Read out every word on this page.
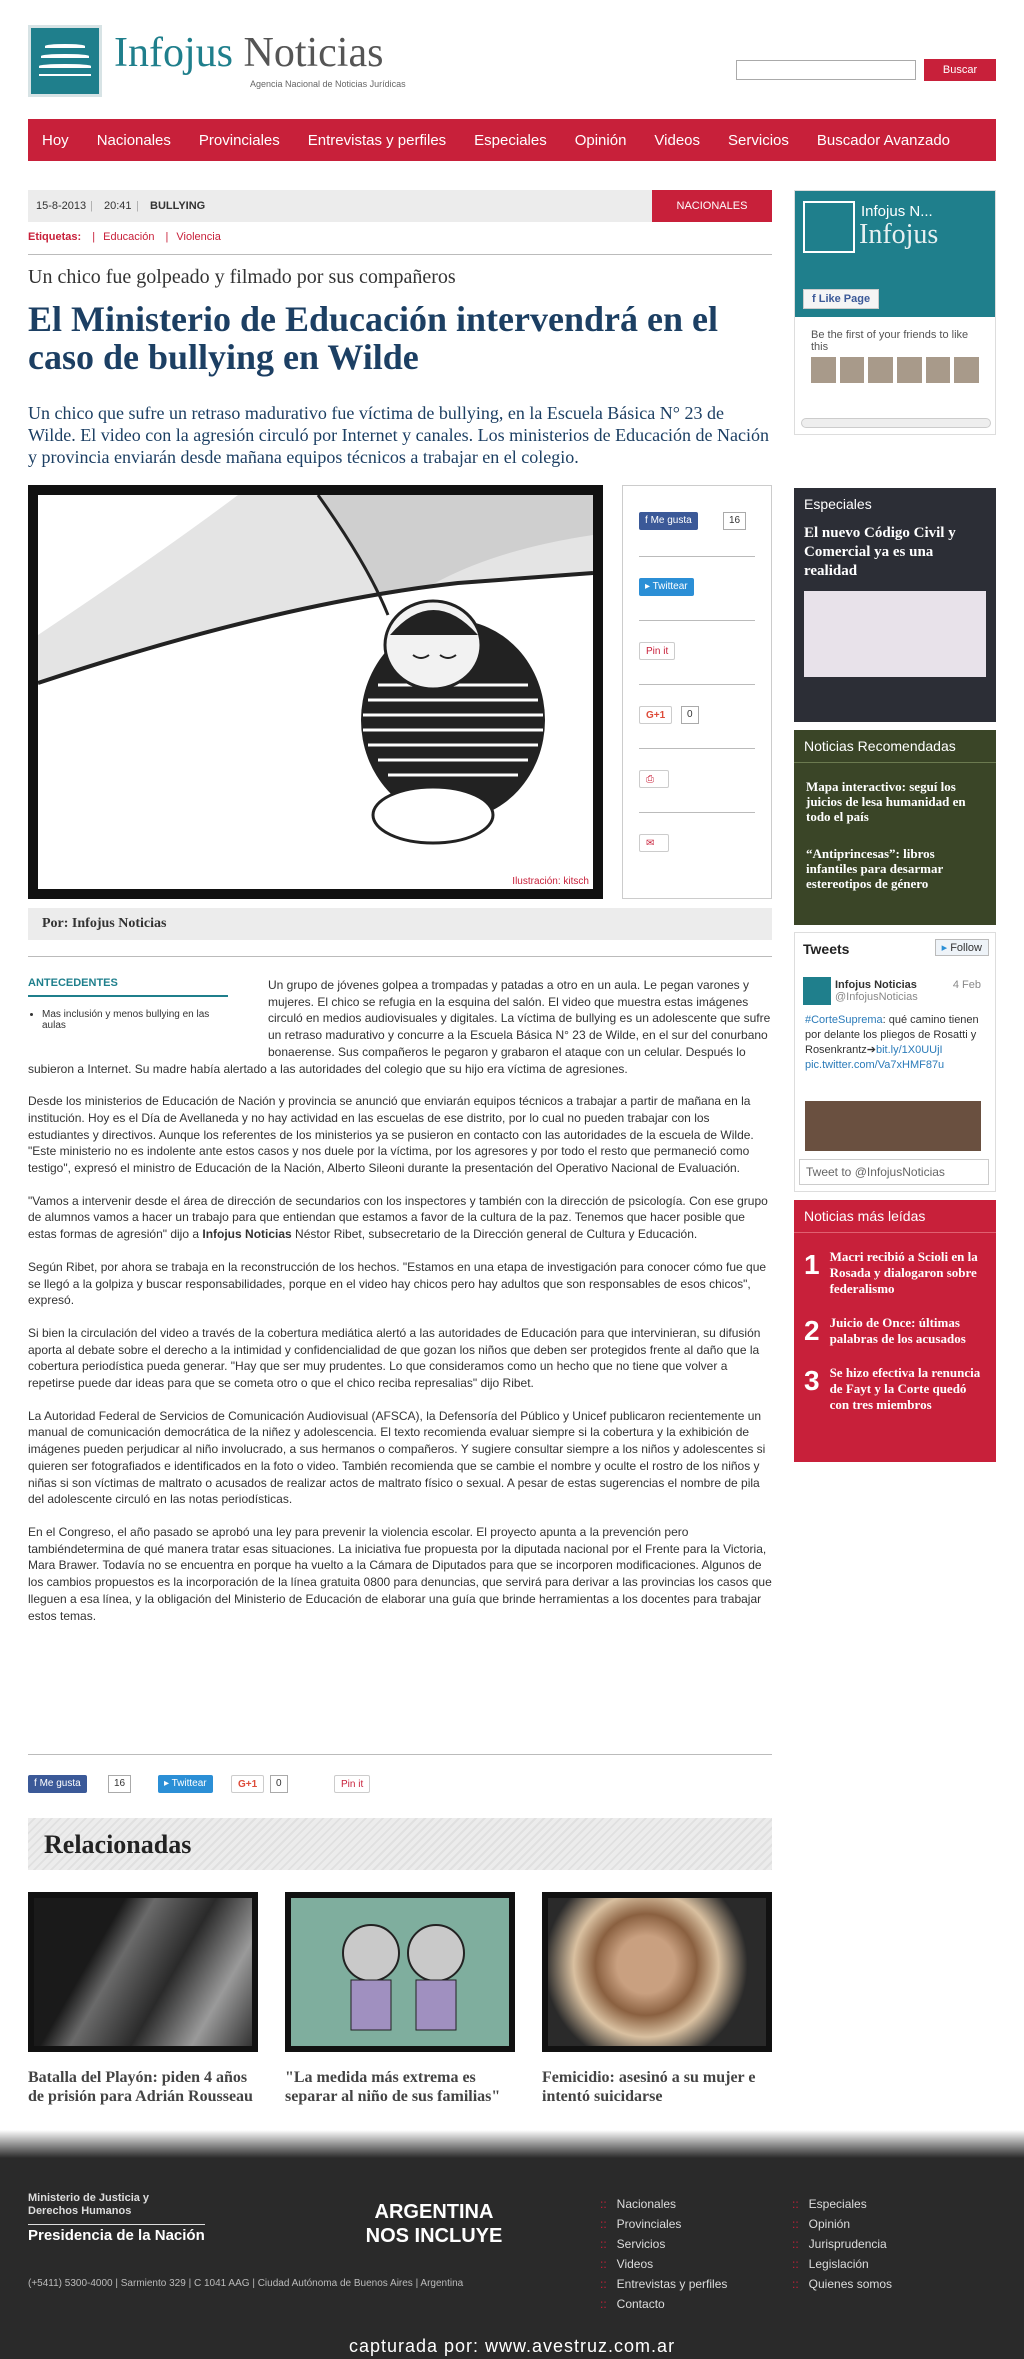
Infojus Noticias
Agencia Nacional de Noticias Jurídicas
Buscar
Hoy	Nacionales	Provinciales	Entrevistas y perfiles	Especiales	Opinión	Videos	Servicios	Buscador Avanzado
15-8-2013 | 20:41 | BULLYING	NACIONALES
Etiquetas: | Educación | Violencia
Un chico fue golpeado y filmado por sus compañeros
El Ministerio de Educación intervendrá en el caso de bullying en Wilde
Un chico que sufre un retraso madurativo fue víctima de bullying, en la Escuela Básica N° 23 de Wilde. El video con la agresión circuló por Internet y canales. Los ministerios de Educación de Nación y provincia enviarán desde mañana equipos técnicos a trabajar en el colegio.
Ilustración: kitsch
f Me gusta	16
▸ Twittear
Pin it
G+1	0
⎙
✉
Por: Infojus Noticias

Un grupo de jóvenes golpea a trompadas y patadas a otro en un aula. Le pegan varones y mujeres. El chico se refugia en la esquina del salón. El video que muestra estas imágenes circuló en medios audiovisuales y digitales. La víctima de bullying es un adolescente que sufre un retraso madurativo y concurre a la Escuela Básica N° 23 de Wilde, en el sur del conurbano bonaerense. Sus compañeros le pegaron y grabaron el ataque con un celular. Después lo subieron a Internet. Su madre había alertado a las autoridades del colegio que su hijo era víctima de agresiones.

Desde los ministerios de Educación de Nación y provincia se anunció que enviarán equipos técnicos a trabajar a partir de mañana en la institución. Hoy es el Día de Avellaneda y no hay actividad en las escuelas de ese distrito, por lo cual no pueden trabajar con los estudiantes y directivos. Aunque los referentes de los ministerios ya se pusieron en contacto con las autoridades de la escuela de Wilde. "Este ministerio no es indolente ante estos casos y nos duele por la víctima, por los agresores y por todo el resto que permaneció como testigo", expresó el ministro de Educación de la Nación, Alberto Sileoni durante la presentación del Operativo Nacional de Evaluación.

"Vamos a intervenir desde el área de dirección de secundarios con los inspectores y también con la dirección de psicología. Con ese grupo de alumnos vamos a hacer un trabajo para que entiendan que estamos a favor de la cultura de la paz. Tenemos que hacer posible que estas formas de agresión" dijo a Infojus Noticias Néstor Ribet, subsecretario de la Dirección general de Cultura y Educación.

Según Ribet, por ahora se trabaja en la reconstrucción de los hechos. "Estamos en una etapa de investigación para conocer cómo fue que se llegó a la golpiza y buscar responsabilidades, porque en el video hay chicos pero hay adultos que son responsables de esos chicos", expresó.

Si bien la circulación del video a través de la cobertura mediática alertó a las autoridades de Educación para que intervinieran, su difusión aporta al debate sobre el derecho a la intimidad y confidencialidad de que gozan los niños que deben ser protegidos frente al daño que la cobertura periodística pueda generar. "Hay que ser muy prudentes. Lo que consideramos como un hecho que no tiene que volver a repetirse puede dar ideas para que se cometa otro o que el chico reciba represalias" dijo Ribet.

La Autoridad Federal de Servicios de Comunicación Audiovisual (AFSCA), la Defensoría del Público y Unicef publicaron recientemente un manual de comunicación democrática de la niñez y adolescencia. El texto recomienda evaluar siempre si la cobertura y la exhibición de imágenes pueden perjudicar al niño involucrado, a sus hermanos o compañeros. Y sugiere consultar siempre a los niños y adolescentes si quieren ser fotografiados e identificados en la foto o video. También recomienda que se cambie el nombre y oculte el rostro de los niños y niñas si son víctimas de maltrato o acusados de realizar actos de maltrato físico o sexual. A pesar de estas sugerencias el nombre de pila del adolescente circuló en las notas periodísticas.

En el Congreso, el año pasado se aprobó una ley para prevenir la violencia escolar. El proyecto apunta a la prevención pero tambiéndetermina de qué manera tratar esas situaciones. La iniciativa fue propuesta por la diputada nacional por el Frente para la Victoria, Mara Brawer. Todavía no se encuentra en porque ha vuelto a la Cámara de Diputados para que se incorporen modificaciones. Algunos de los cambios propuestos es la incorporación de la línea gratuita 0800 para denuncias, que servirá para derivar a las provincias los casos que lleguen a esa línea, y la obligación del Ministerio de Educación de elaborar una guía que brinde herramientas a los docentes para trabajar estos temas.

ANTECEDENTES
• Mas inclusión y menos bullying en las aulas
f Me gusta	16	▸ Twittear	G+1	0	Pin it
Relacionadas
Batalla del Playón: piden 4 años de prisión para Adrián Rousseau
"La medida más extrema es separar al niño de sus familias"
Femicidio: asesinó a su mujer e intentó suicidarse
Infojus N...
Infojus
f Like Page
Be the first of your friends to like this
Especiales
El nuevo Código Civil y Comercial ya es una realidad
Noticias Recomendadas
Mapa interactivo: seguí los juicios de lesa humanidad en todo el país
“Antiprincesas”: libros infantiles para desarmar estereotipos de género
Tweets	▸ Follow
Infojus Noticias
@InfojusNoticias
4 Feb
#CorteSuprema: qué camino tienen por delante los pliegos de Rosatti y Rosenkrantz➔bit.ly/1X0UUjI
pic.twitter.com/Va7xHMF87u
Tweet to @InfojusNoticias
Noticias más leídas
1 Macri recibió a Scioli en la Rosada y dialogaron sobre federalismo
2 Juicio de Once: últimas palabras de los acusados
3 Se hizo efectiva la renuncia de Fayt y la Corte quedó con tres miembros
Ministerio de Justicia y Derechos Humanos
Presidencia de la Nación
ARGENTINA NOS INCLUYE
(+5411) 5300-4000 | Sarmiento 329 | C 1041 AAG | Ciudad Autónoma de Buenos Aires | Argentina
:: Nacionales
:: Provinciales
:: Servicios
:: Videos
:: Entrevistas y perfiles
:: Contacto
:: Especiales
:: Opinión
:: Jurisprudencia
:: Legislación
:: Quienes somos
capturada por: www.avestruz.com.ar
